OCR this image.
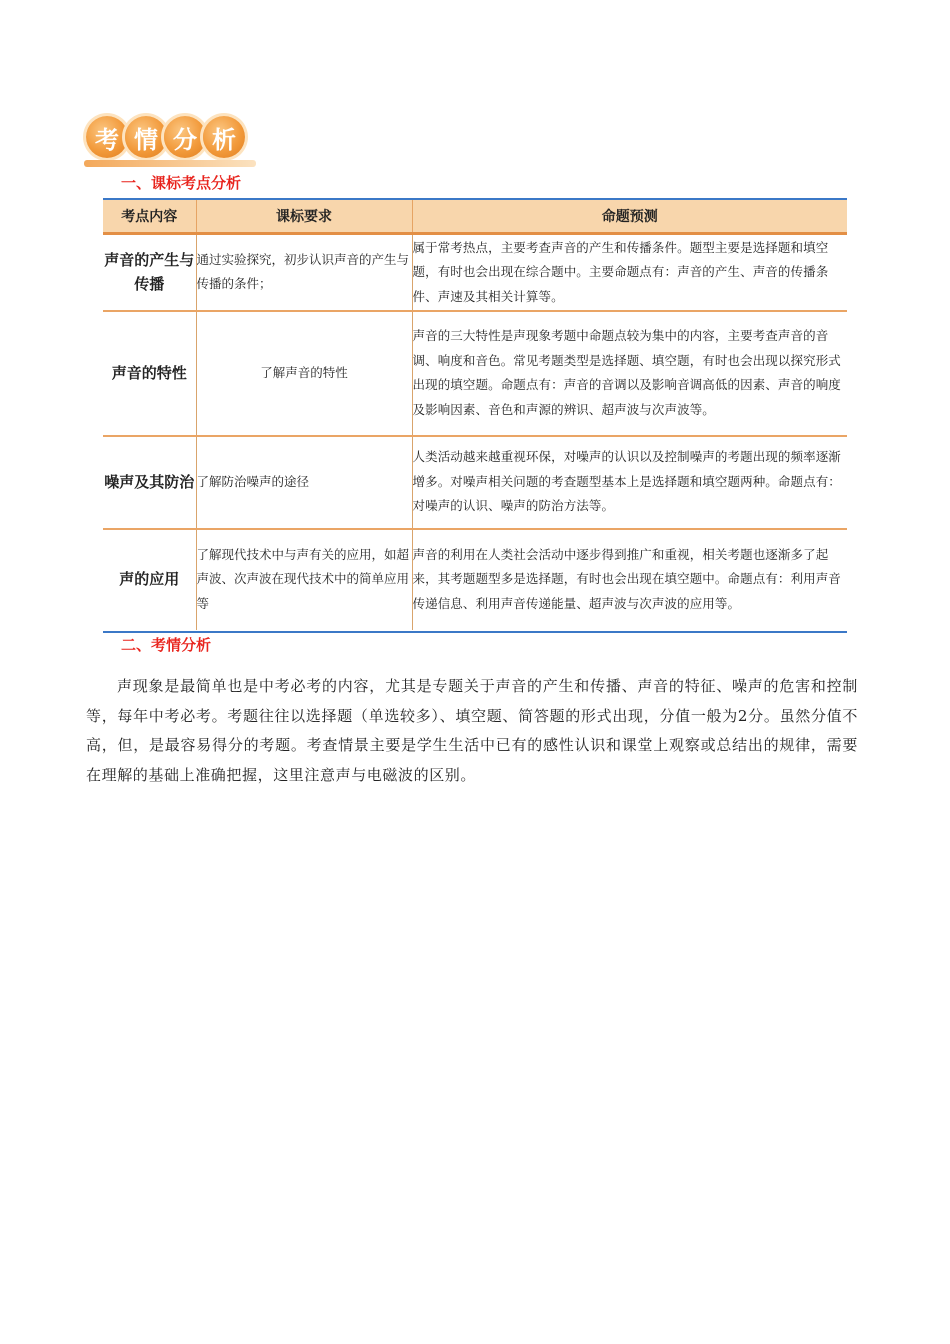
考 情 分 析
一、课标考点分析
考点内容	课标要求	命题预测
声音的产生与传播	通过实验探究，初步认识声音的产生与传播的条件；	属于常考热点，主要考查声音的产生和传播条件。题型主要是选择题和填空题，有时也会出现在综合题中。主要命题点有：声音的产生、声音的传播条件、声速及其相关计算等。
声音的特性	了解声音的特性	声音的三大特性是声现象考题中命题点较为集中的内容，主要考查声音的音调、响度和音色。常见考题类型是选择题、填空题，有时也会出现以探究形式出现的填空题。命题点有：声音的音调以及影响音调高低的因素、声音的响度及影响因素、音色和声源的辨识、超声波与次声波等。
噪声及其防治	了解防治噪声的途径	人类活动越来越重视环保，对噪声的认识以及控制噪声的考题出现的频率逐渐增多。对噪声相关问题的考查题型基本上是选择题和填空题两种。命题点有：对噪声的认识、噪声的防治方法等。
声的应用	了解现代技术中与声有关的应用，如超声波、次声波在现代技术中的简单应用等	声音的利用在人类社会活动中逐步得到推广和重视，相关考题也逐渐多了起来，其考题题型多是选择题，有时也会出现在填空题中。命题点有：利用声音传递信息、利用声音传递能量、超声波与次声波的应用等。
二、考情分析

声现象是最简单也是中考必考的内容，尤其是专题关于声音的产生和传播、声音的特征、噪声的危害和控制等，每年中考必考。考题往往以选择题（单选较多）、填空题、简答题的形式出现，分值一般为2分。虽然分值不高，但，是最容易得分的考题。考查情景主要是学生生活中已有的感性认识和课堂上观察或总结出的规律，需要在理解的基础上准确把握，这里注意声与电磁波的区别。
